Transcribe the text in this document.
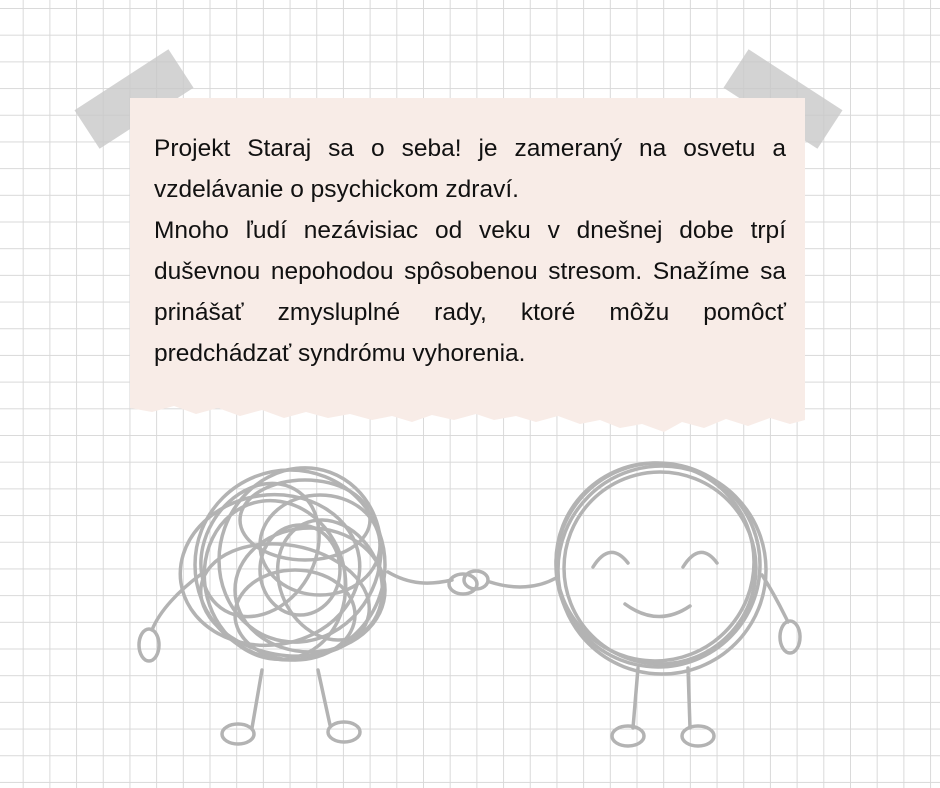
Projekt Staraj sa o seba! je zameraný na osvetu a vzdelávanie o psychickom zdraví.

Mnoho ľudí nezávisiac od veku v dnešnej dobe trpí duševnou nepohodou spôsobenou stresom. Snažíme sa prinášať zmysluplné rady, ktoré môžu pomôcť predchádzať syndrómu vyhorenia.
